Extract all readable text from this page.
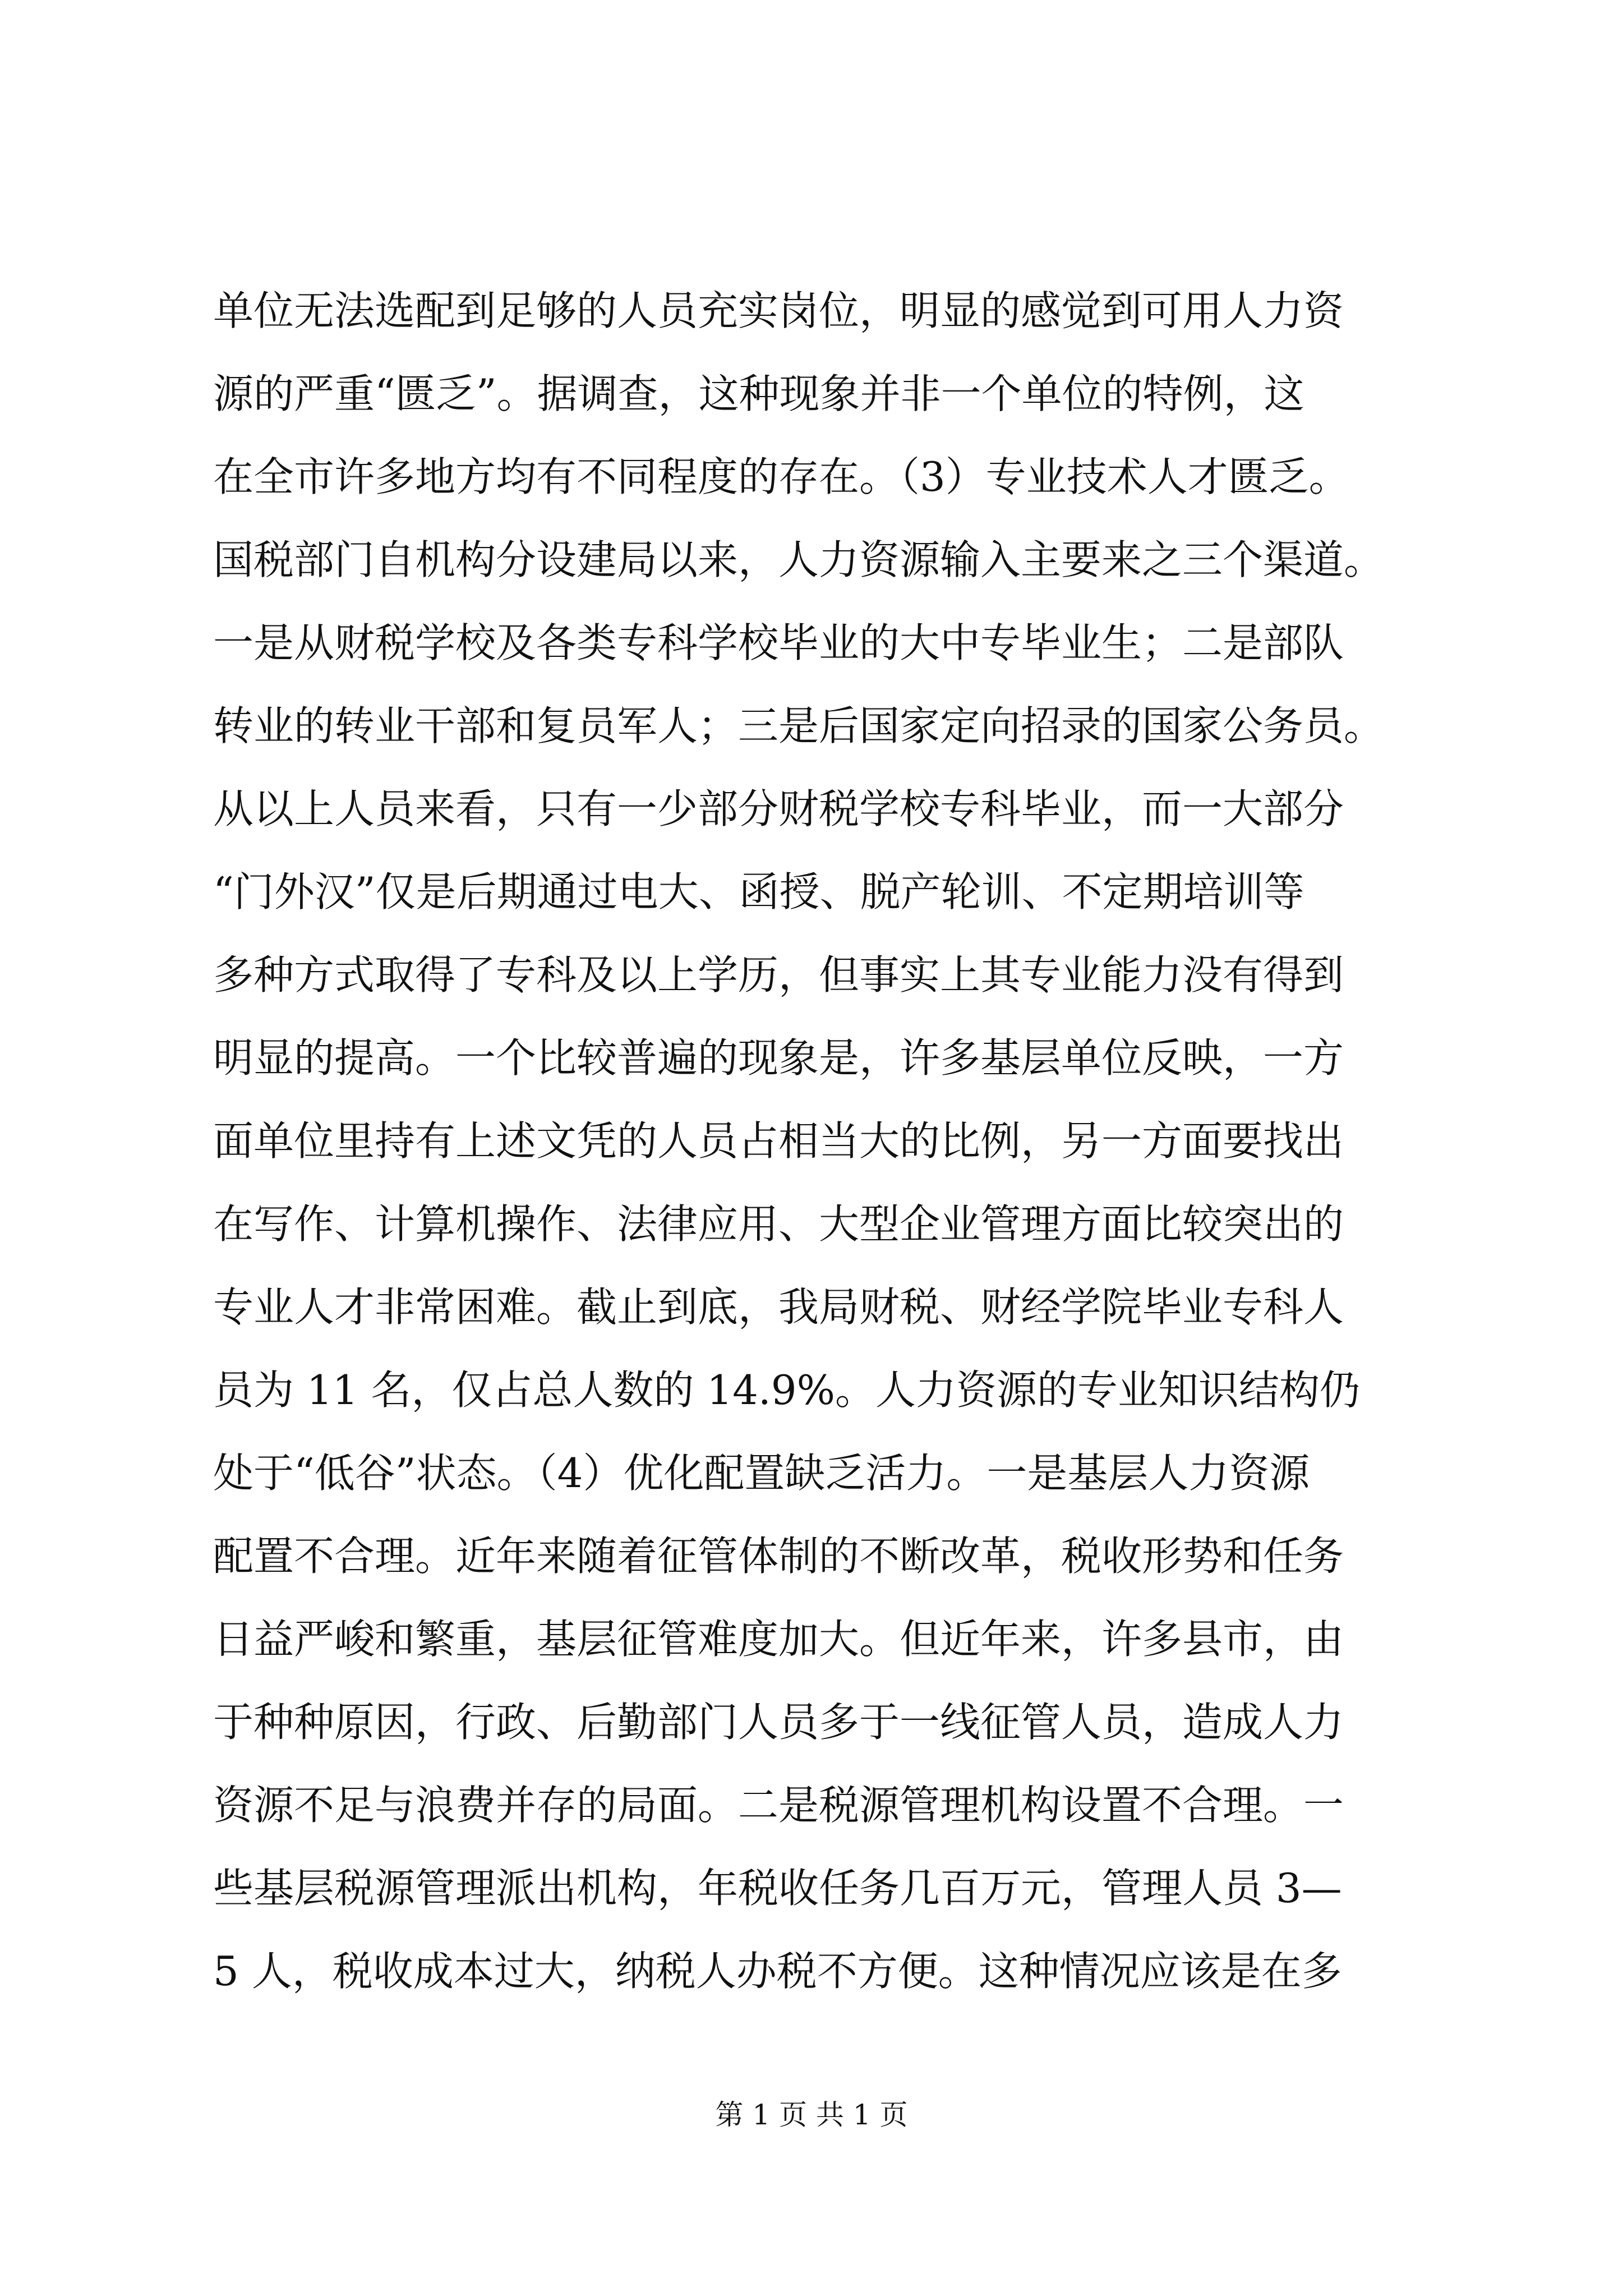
单位无法选配到足够的人员充实岗位，明显的感觉到可用人力资
源的严重“匮乏”。据调查，这种现象并非一个单位的特例，这
在全市许多地方均有不同程度的存在。（3）专业技术人才匮乏。
国税部门自机构分设建局以来，人力资源输入主要来之三个渠道。
一是从财税学校及各类专科学校毕业的大中专毕业生；二是部队
转业的转业干部和复员军人；三是后国家定向招录的国家公务员。
从以上人员来看，只有一少部分财税学校专科毕业，而一大部分
“门外汉”仅是后期通过电大、函授、脱产轮训、不定期培训等
多种方式取得了专科及以上学历，但事实上其专业能力没有得到
明显的提高。一个比较普遍的现象是，许多基层单位反映，一方
面单位里持有上述文凭的人员占相当大的比例，另一方面要找出
在写作、计算机操作、法律应用、大型企业管理方面比较突出的
专业人才非常困难。截止到底，我局财税、财经学院毕业专科人
员为 11 名，仅占总人数的 14.9%。人力资源的专业知识结构仍
处于“低谷”状态。（4）优化配置缺乏活力。一是基层人力资源
配置不合理。近年来随着征管体制的不断改革，税收形势和任务
日益严峻和繁重，基层征管难度加大。但近年来，许多县市，由
于种种原因，行政、后勤部门人员多于一线征管人员，造成人力
资源不足与浪费并存的局面。二是税源管理机构设置不合理。一
些基层税源管理派出机构，年税收任务几百万元，管理人员 3—
5 人，税收成本过大，纳税人办税不方便。这种情况应该是在多
第 1 页 共 1 页
